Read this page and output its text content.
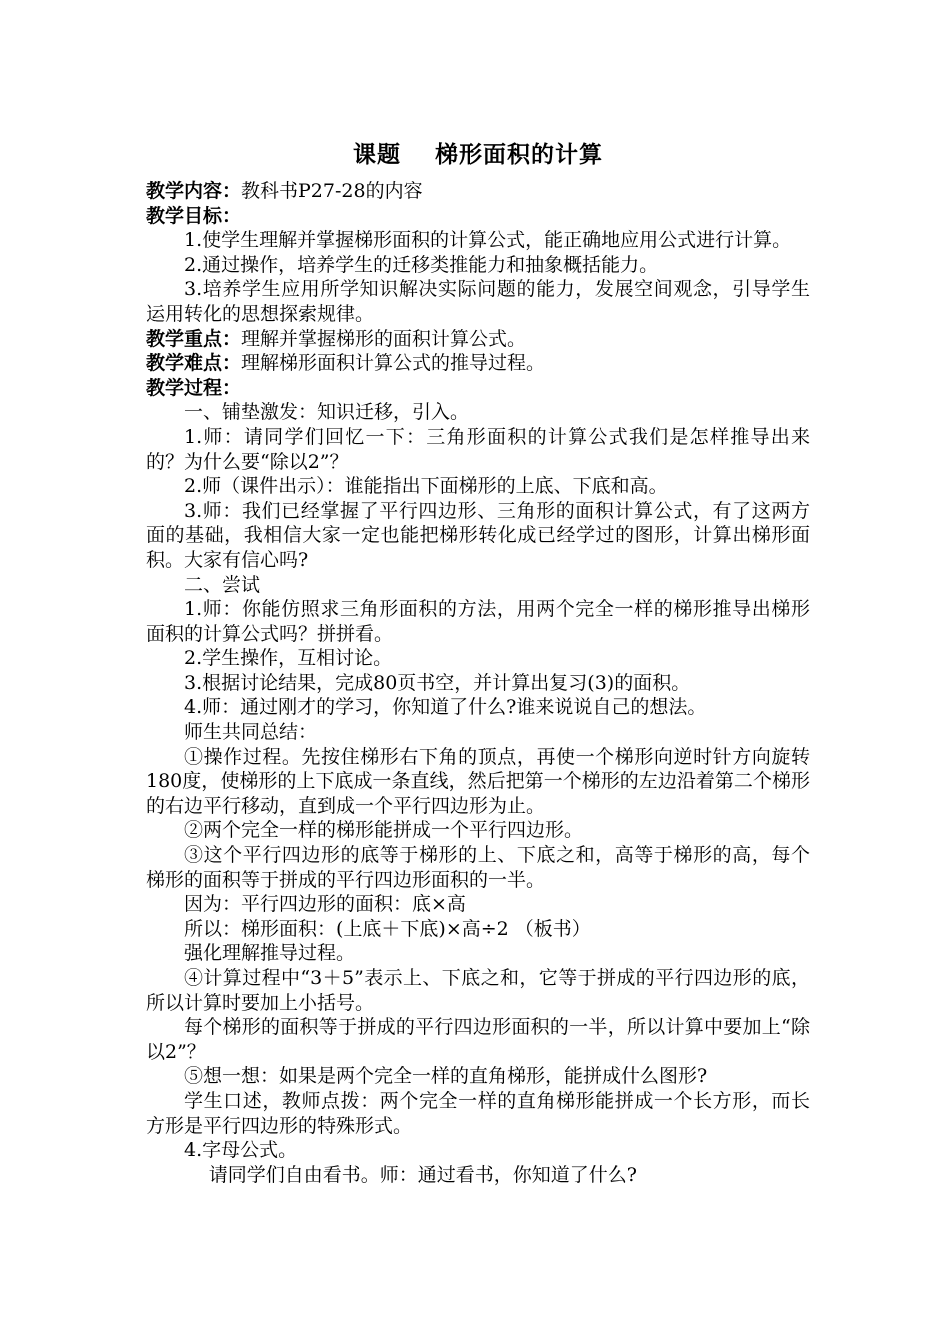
课题 梯形面积的计算

教学内容：教科书P27-28的内容

教学目标：

1.使学生理解并掌握梯形面积的计算公式，能正确地应用公式进行计算。

2.通过操作，培养学生的迁移类推能力和抽象概括能力。

3.培养学生应用所学知识解决实际问题的能力，发展空间观念，引导学生运用转化的思想探索规律。

教学重点：理解并掌握梯形的面积计算公式。

教学难点：理解梯形面积计算公式的推导过程。

教学过程：

一、铺垫激发：知识迁移，引入。

1.师：请同学们回忆一下：三角形面积的计算公式我们是怎样推导出来的？为什么要“除以2”？

2.师（课件出示）：谁能指出下面梯形的上底、下底和高。

3.师：我们已经掌握了平行四边形、三角形的面积计算公式，有了这两方面的基础，我相信大家一定也能把梯形转化成已经学过的图形，计算出梯形面积。大家有信心吗?

二、尝试

1.师：你能仿照求三角形面积的方法，用两个完全一样的梯形推导出梯形面积的计算公式吗？拼拼看。

2.学生操作，互相讨论。

3.根据讨论结果，完成80页书空，并计算出复习(3)的面积。

4.师：通过刚才的学习，你知道了什么?谁来说说自己的想法。

师生共同总结：

①操作过程。先按住梯形右下角的顶点，再使一个梯形向逆时针方向旋转180度，使梯形的上下底成一条直线，然后把第一个梯形的左边沿着第二个梯形的右边平行移动，直到成一个平行四边形为止。

②两个完全一样的梯形能拼成一个平行四边形。

③这个平行四边形的底等于梯形的上、下底之和，高等于梯形的高，每个梯形的面积等于拼成的平行四边形面积的一半。

因为：平行四边形的面积：底×高

所以：梯形面积：(上底＋下底)×高÷2 （板书）

强化理解推导过程。

④计算过程中“3＋5”表示上、下底之和，它等于拼成的平行四边形的底，所以计算时要加上小括号。

每个梯形的面积等于拼成的平行四边形面积的一半，所以计算中要加上“除以2”？

⑤想一想：如果是两个完全一样的直角梯形，能拼成什么图形?

学生口述，教师点拨：两个完全一样的直角梯形能拼成一个长方形，而长方形是平行四边形的特殊形式。

4.字母公式。

请同学们自由看书。师：通过看书，你知道了什么?
